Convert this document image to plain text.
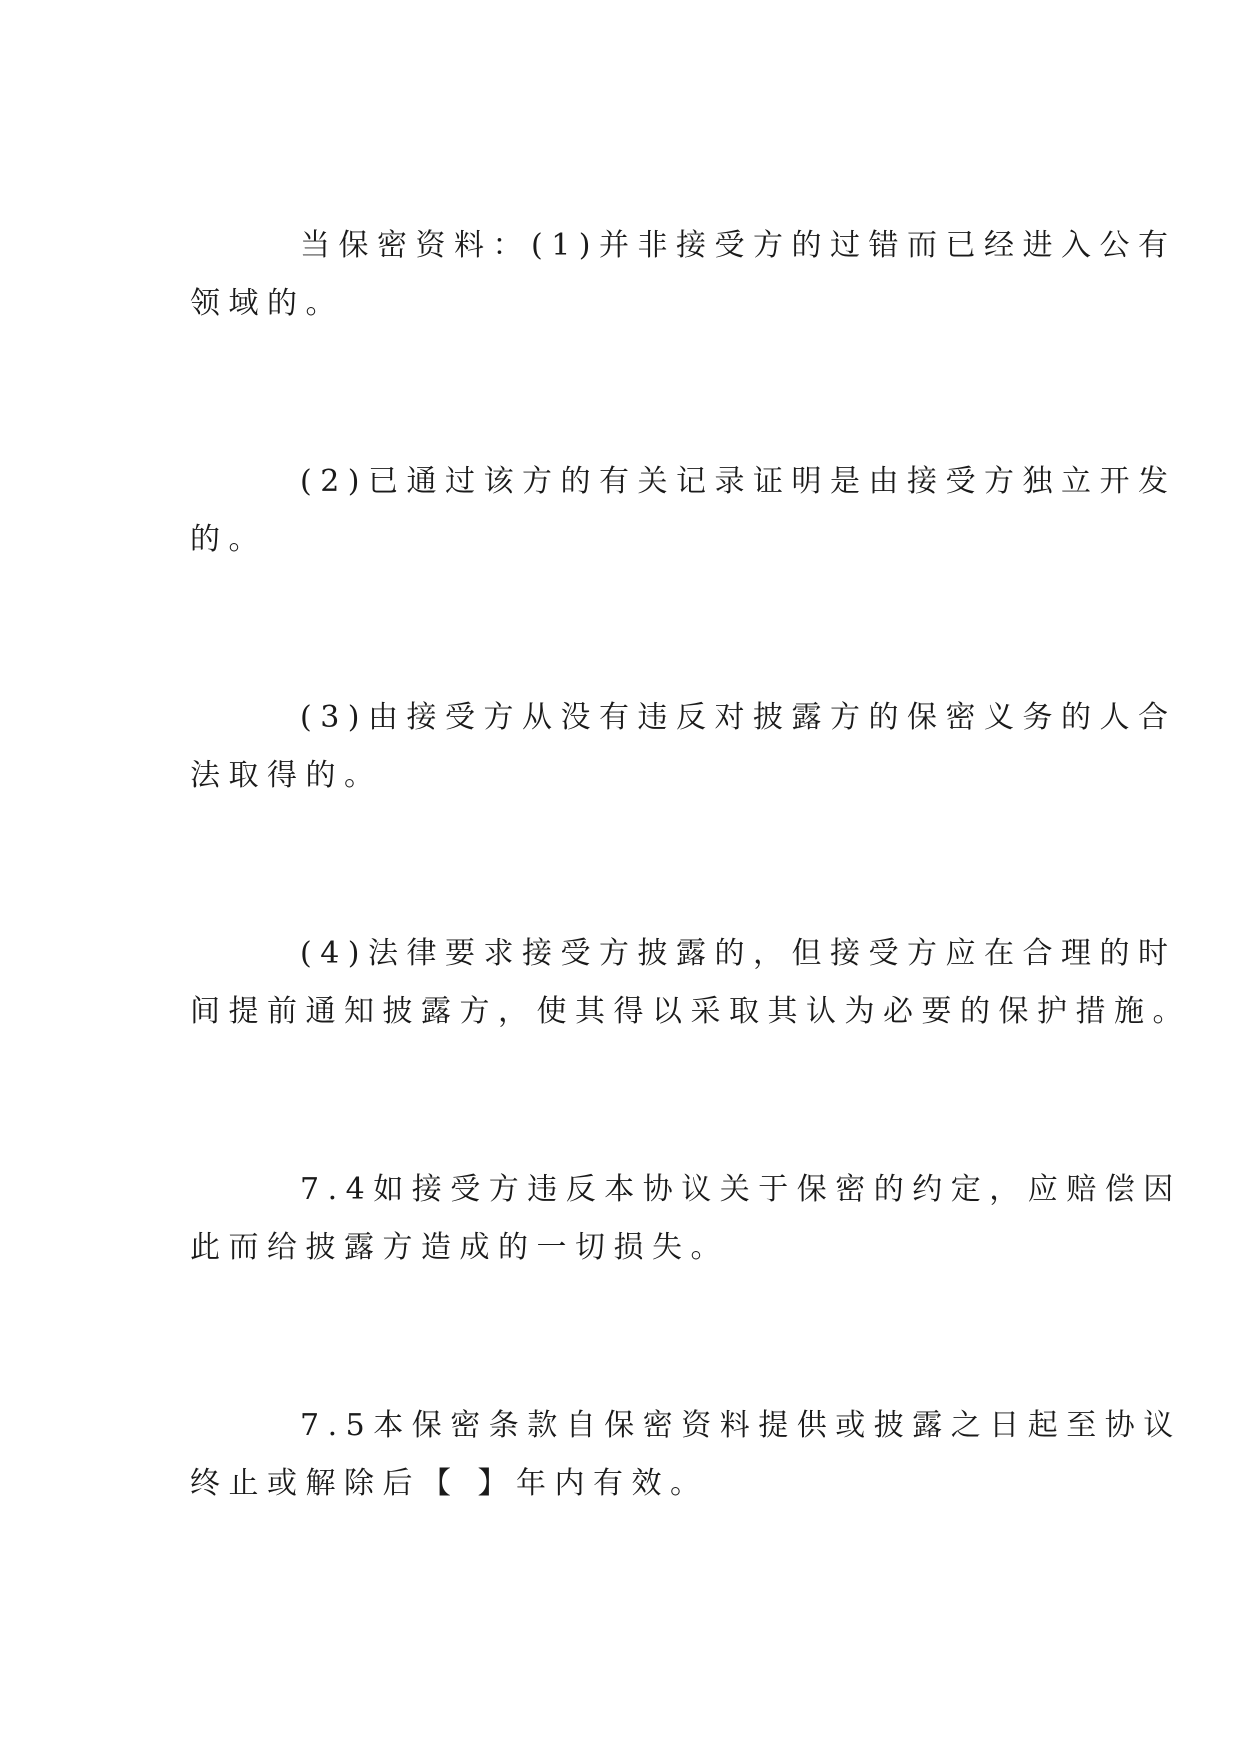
当保密资料：(1)并非接受方的过错而已经进入公有

领域的。

(2)已通过该方的有关记录证明是由接受方独立开发

的。

(3)由接受方从没有违反对披露方的保密义务的人合

法取得的。

(4)法律要求接受方披露的，但接受方应在合理的时

间提前通知披露方，使其得以采取其认为必要的保护措施。

7.4如接受方违反本协议关于保密的约定，应赔偿因

此而给披露方造成的一切损失。

7.5本保密条款自保密资料提供或披露之日起至协议

终止或解除后【 】年内有效。
